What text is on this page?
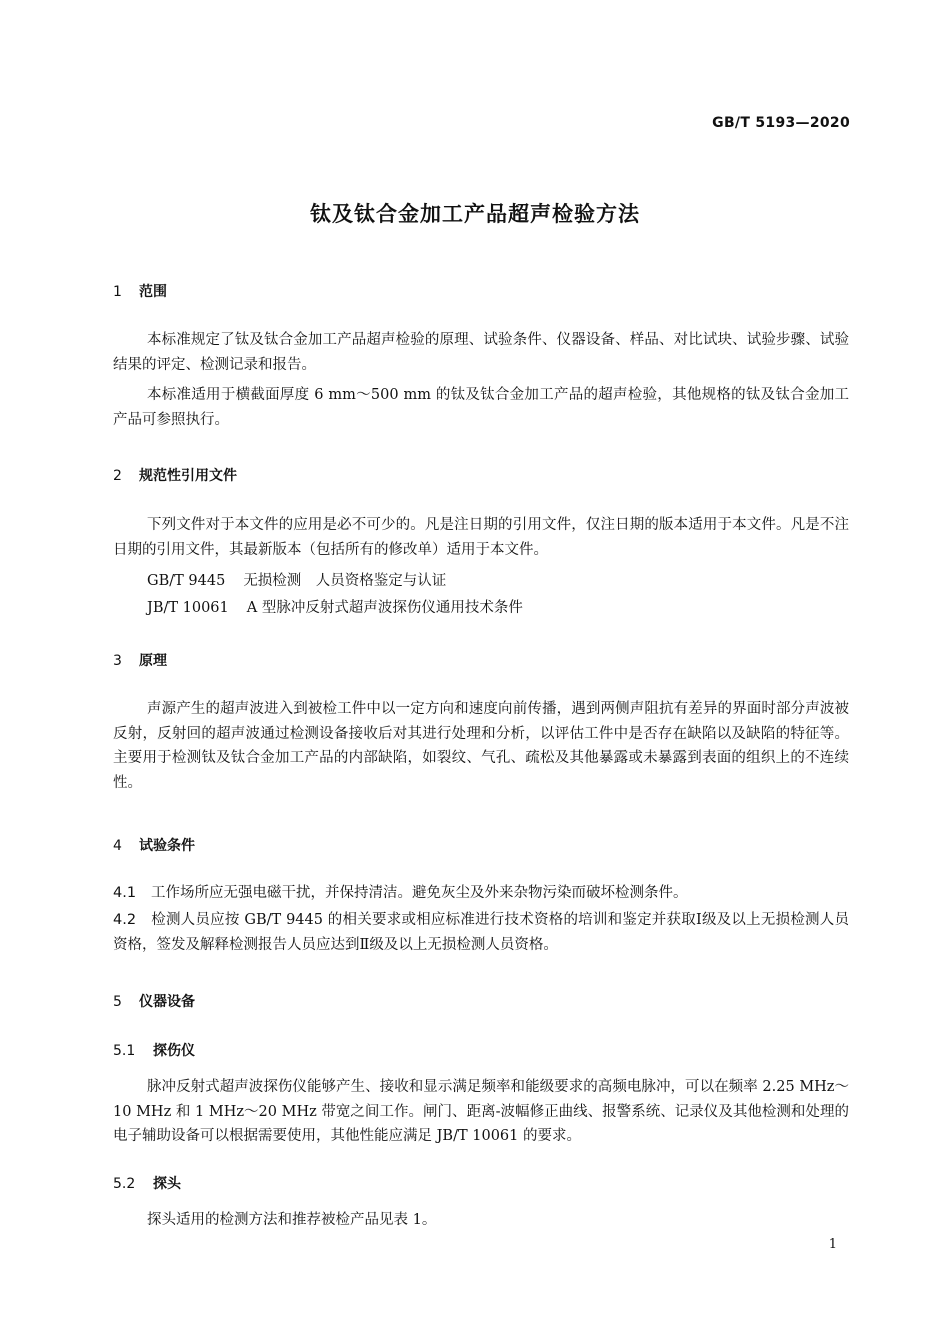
GB/T 5193—2020
钛及钛合金加工产品超声检验方法
1 范围
本标准规定了钛及钛合金加工产品超声检验的原理、试验条件、仪器设备、样品、对比试块、试验步骤、试验结果的评定、检测记录和报告。
本标准适用于横截面厚度 6 mm～500 mm 的钛及钛合金加工产品的超声检验，其他规格的钛及钛合金加工产品可参照执行。
2 规范性引用文件
下列文件对于本文件的应用是必不可少的。凡是注日期的引用文件，仅注日期的版本适用于本文件。凡是不注日期的引用文件，其最新版本（包括所有的修改单）适用于本文件。
GB/T 9445 无损检测　人员资格鉴定与认证
JB/T 10061 A 型脉冲反射式超声波探伤仪通用技术条件
3 原理
声源产生的超声波进入到被检工件中以一定方向和速度向前传播，遇到两侧声阻抗有差异的界面时部分声波被反射，反射回的超声波通过检测设备接收后对其进行处理和分析，以评估工件中是否存在缺陷以及缺陷的特征等。主要用于检测钛及钛合金加工产品的内部缺陷，如裂纹、气孔、疏松及其他暴露或未暴露到表面的组织上的不连续性。
4 试验条件
4.1 工作场所应无强电磁干扰，并保持清洁。避免灰尘及外来杂物污染而破坏检测条件。
4.2 检测人员应按 GB/T 9445 的相关要求或相应标准进行技术资格的培训和鉴定并获取Ⅰ级及以上无损检测人员资格，签发及解释检测报告人员应达到Ⅱ级及以上无损检测人员资格。
5 仪器设备
5.1 探伤仪
脉冲反射式超声波探伤仪能够产生、接收和显示满足频率和能级要求的高频电脉冲，可以在频率 2.25 MHz～10 MHz 和 1 MHz～20 MHz 带宽之间工作。闸门、距离-波幅修正曲线、报警系统、记录仪及其他检测和处理的电子辅助设备可以根据需要使用，其他性能应满足 JB/T 10061 的要求。
5.2 探头
探头适用的检测方法和推荐被检产品见表 1。
1
